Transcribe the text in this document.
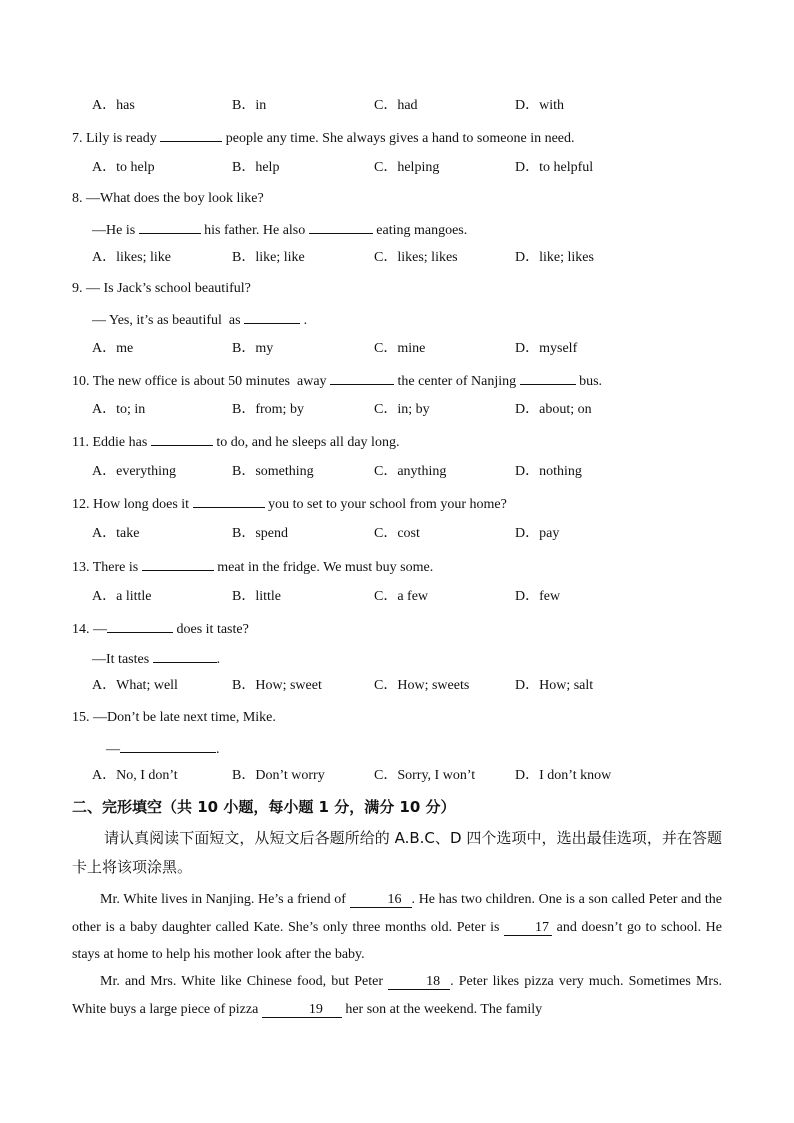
A．has	B．in	C．had	D．with
7. Lily is ready	people any time. She always gives a hand to someone in need.
A．to help	B．help	C．helping	D．to helpful
8. —What does the boy look like?
—He is	his father. He also	eating mangoes.
A．likes; like	B．like; like	C．likes; likes	D．like; likes
9. — Is Jack’s school beautiful?
— Yes, it’s as beautiful  as	.
A．me	B．my	C．mine	D．myself
10. The new office is about 50 minutes  away	the center of Nanjing	bus.
A．to; in	B．from; by	C．in; by	D．about; on
11. Eddie has	to do, and he sleeps all day long.
A．everything	B．something	C．anything	D．nothing
12. How long does it	you to set to your school from your home?
A．take	B．spend	C．cost	D．pay
13. There is	meat in the fridge. We must buy some.
A．a little	B．little	C．a few	D．few
14. —	does it taste?
—It tastes	.
A．What; well	B．How; sweet	C．How; sweets	D．How; salt
15. —Don’t be late next time, Mike.
—	.
A．No, I don’t	B．Don’t worry	C．Sorry, I won’t	D．I don’t know
二、完形填空（共 10 小题，每小题 1 分，满分 10 分）
请认真阅读下面短文，从短文后各题所给的 A.B.C、D 四个选项中，选出最佳选项，并在答题卡上将该项涂黑。
Mr. White lives in Nanjing. He’s a friend of	16 . He has two children. One is a son called Peter and the other is a baby daughter called Kate. She’s only three months old. Peter is	17 and doesn’t go to school. He stays at home to help his mother look after the baby.
Mr. and Mrs. White like Chinese food, but Peter	18 . Peter likes pizza very much. Sometimes Mrs. White buys a large piece of pizza	19 her son at the weekend. The family
